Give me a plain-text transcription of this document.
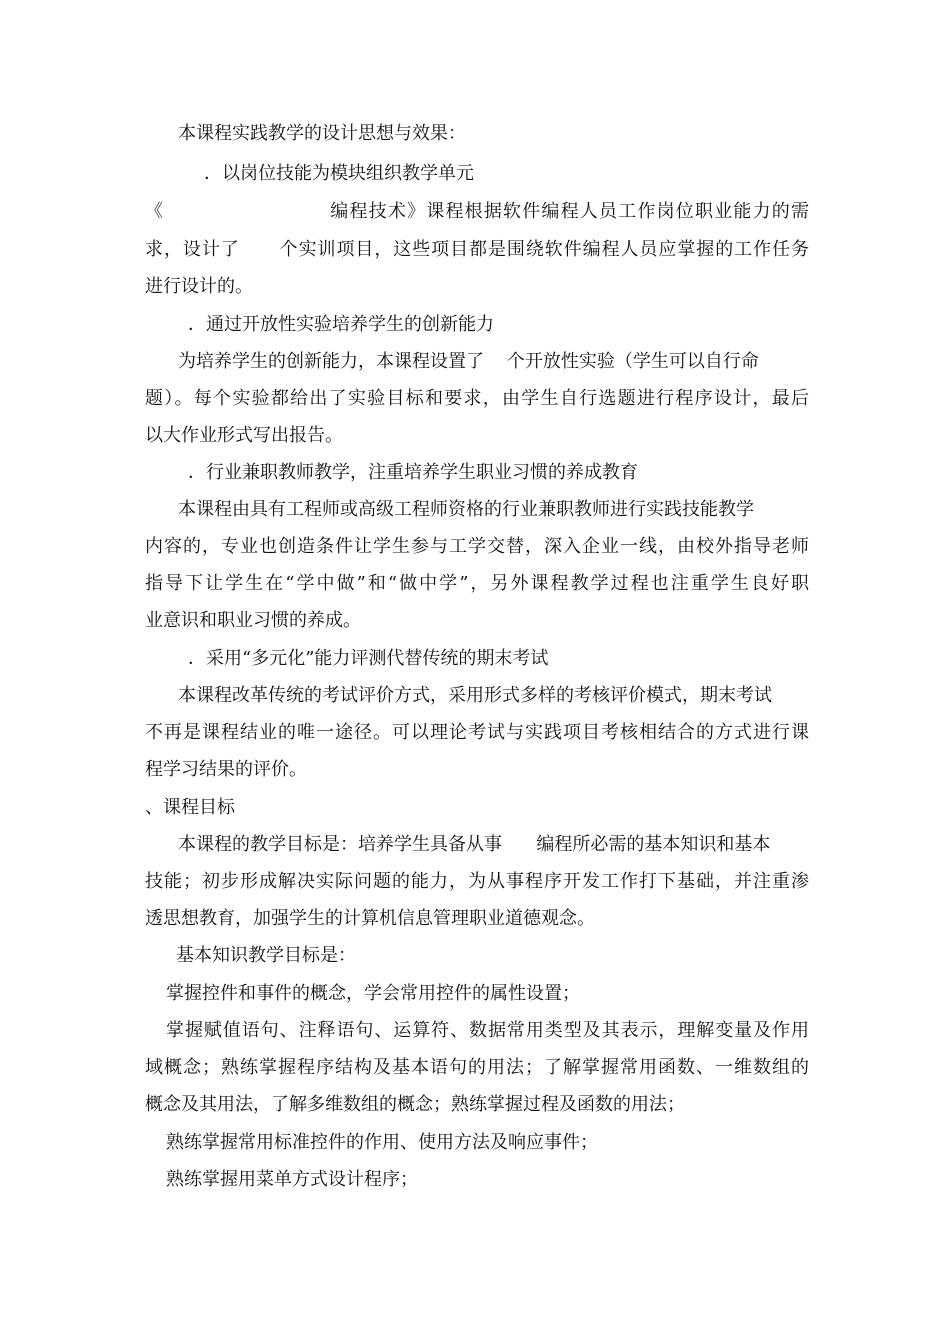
本课程实践教学的设计思想与效果：
．以岗位技能为模块组织教学单元
《                        编程技术》课程根据软件编程人员工作岗位职业能力的需
求，设计了      个实训项目，这些项目都是围绕软件编程人员应掌握的工作任务
进行设计的。
．通过开放性实验培养学生的创新能力
为培养学生的创新能力，本课程设置了    个开放性实验（学生可以自行命
题）。每个实验都给出了实验目标和要求，由学生自行选题进行程序设计，最后
以大作业形式写出报告。
．行业兼职教师教学，注重培养学生职业习惯的养成教育
本课程由具有工程师或高级工程师资格的行业兼职教师进行实践技能教学
内容的，专业也创造条件让学生参与工学交替，深入企业一线，由校外指导老师
指导下让学生在“学中做”和“做中学”，另外课程教学过程也注重学生良好职
业意识和职业习惯的养成。
．采用“多元化”能力评测代替传统的期末考试
本课程改革传统的考试评价方式，采用形式多样的考核评价模式，期末考试
不再是课程结业的唯一途径。可以理论考试与实践项目考核相结合的方式进行课
程学习结果的评价。
、课程目标
本课程的教学目标是：培养学生具备从事      编程所必需的基本知识和基本
技能；初步形成解决实际问题的能力，为从事程序开发工作打下基础，并注重渗
透思想教育，加强学生的计算机信息管理职业道德观念。
基本知识教学目标是：
掌握控件和事件的概念，学会常用控件的属性设置；
掌握赋值语句、注释语句、运算符、数据常用类型及其表示，理解变量及作用
域概念；熟练掌握程序结构及基本语句的用法；了解掌握常用函数、一维数组的
概念及其用法，了解多维数组的概念；熟练掌握过程及函数的用法；
熟练掌握常用标准控件的作用、使用方法及响应事件；
熟练掌握用菜单方式设计程序；
